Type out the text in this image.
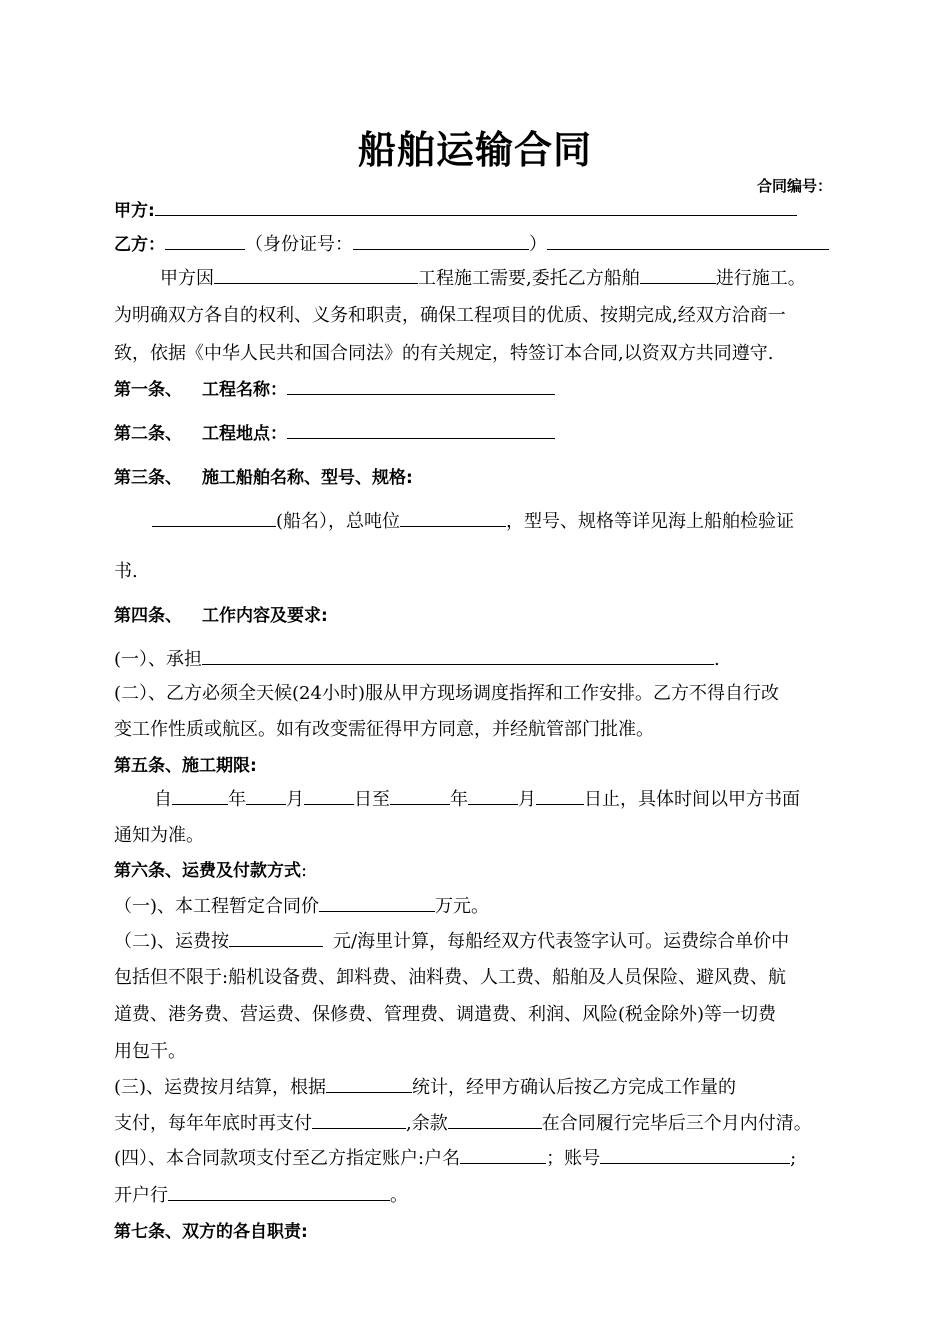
船舶运输合同
合同编号：
甲方:
乙方：	（身份证号：	）
甲方因	工程施工需要,委托乙方船舶	进行施工。
为明确双方各自的权利、义务和职责，确保工程项目的优质、按期完成,经双方洽商一
致，依据《中华人民共和国合同法》的有关规定，特签订本合同,以资双方共同遵守.
第一条、 工程名称：
第二条、 工程地点：
第三条、 施工船舶名称、型号、规格:
(船名），总吨位	，型号、规格等详见海上船舶检验证
书.
第四条、 工作内容及要求:
(一）、承担	.
(二）、乙方必须全天候(24小时)服从甲方现场调度指挥和工作安排。乙方不得自行改
变工作性质或航区。如有改变需征得甲方同意，并经航管部门批准。
第五条、施工期限:
自	年 月	日至	年	月	日止，具体时间以甲方书面
通知为准。
第六条、运费及付款方式:
（一)、本工程暂定合同价	万元。
（二)、运费按	元/海里计算，每船经双方代表签字认可。运费综合单价中
包括但不限于:船机设备费、卸料费、油料费、人工费、船舶及人员保险、避风费、航
道费、港务费、营运费、保修费、管理费、调遣费、利润、风险(税金除外)等一切费
用包干。
(三)、运费按月结算，根据	统计，经甲方确认后按乙方完成工作量的
支付，每年年底时再支付	,余款	在合同履行完毕后三个月内付清。
(四）、本合同款项支付至乙方指定账户:户名	；账号	;
开户行	。
第七条、双方的各自职责:
